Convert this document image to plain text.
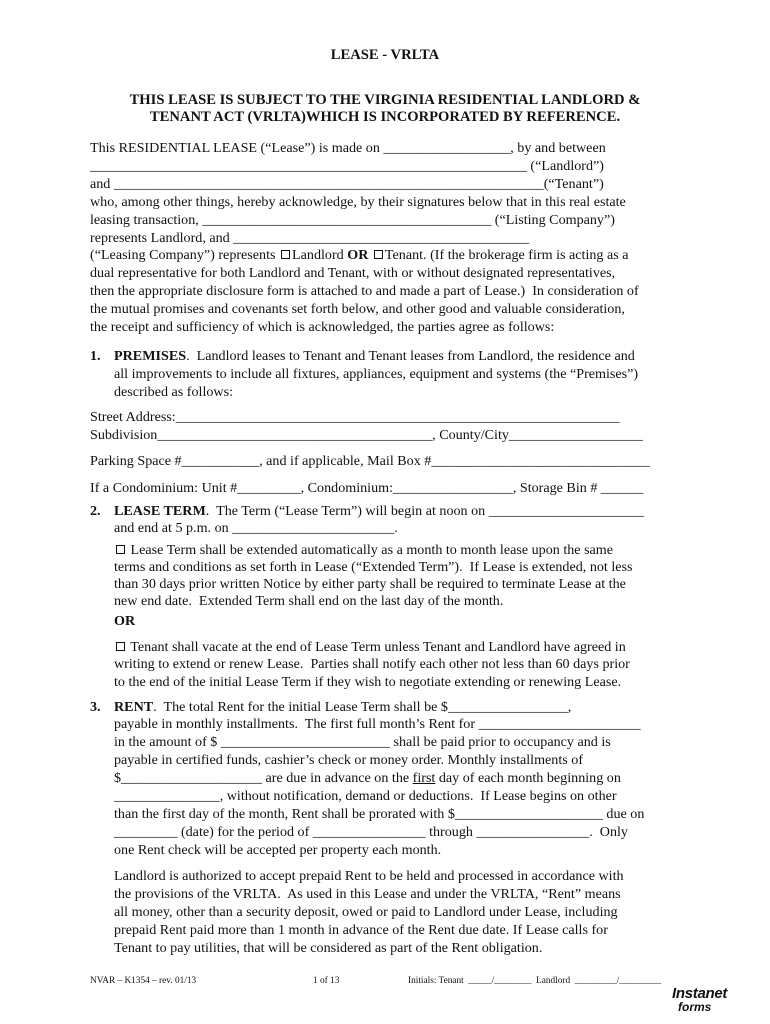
LEASE - VRLTA
THIS LEASE IS SUBJECT TO THE VIRGINIA RESIDENTIAL LANDLORD &
TENANT ACT (VRLTA)WHICH IS INCORPORATED BY REFERENCE.
This RESIDENTIAL LEASE (“Lease”) is made on __________________, by and between
______________________________________________________________ (“Landlord”)
and _____________________________________________________________(“Tenant”)
who, among other things, hereby acknowledge, by their signatures below that in this real estate
leasing transaction, _________________________________________ (“Listing Company”)
represents Landlord, and __________________________________________
(“Leasing Company”) represents Landlord OR Tenant. (If the brokerage firm is acting as a
dual representative for both Landlord and Tenant, with or without designated representatives,
then the appropriate disclosure form is attached to and made a part of Lease.)  In consideration of
the mutual promises and covenants set forth below, and other good and valuable consideration,
the receipt and sufficiency of which is acknowledged, the parties agree as follows:
1. PREMISES.  Landlord leases to Tenant and Tenant leases from Landlord, the residence and
all improvements to include all fixtures, appliances, equipment and systems (the “Premises”)
described as follows:
Street Address:_______________________________________________________________
Subdivision_______________________________________, County/City___________________
Parking Space #___________, and if applicable, Mail Box #_______________________________
If a Condominium: Unit #_________, Condominium:_________________, Storage Bin # ______
2. LEASE TERM.  The Term (“Lease Term”) will begin at noon on ______________________
and end at 5 p.m. on _______________________.
Lease Term shall be extended automatically as a month to month lease upon the same
terms and conditions as set forth in Lease (“Extended Term”).  If Lease is extended, not less
than 30 days prior written Notice by either party shall be required to terminate Lease at the
new end date.  Extended Term shall end on the last day of the month.
OR
Tenant shall vacate at the end of Lease Term unless Tenant and Landlord have agreed in
writing to extend or renew Lease.  Parties shall notify each other not less than 60 days prior
to the end of the initial Lease Term if they wish to negotiate extending or renewing Lease.
3. RENT.  The total Rent for the initial Lease Term shall be $_________________,
payable in monthly installments.  The first full month’s Rent for _______________________
in the amount of $ ________________________ shall be paid prior to occupancy and is
payable in certified funds, cashier’s check or money order. Monthly installments of
$____________________ are due in advance on the first day of each month beginning on
_______________, without notification, demand or deductions.  If Lease begins on other
than the first day of the month, Rent shall be prorated with $_____________________ due on
_________ (date) for the period of ________________ through ________________.  Only
one Rent check will be accepted per property each month.
Landlord is authorized to accept prepaid Rent to be held and processed in accordance with
the provisions of the VRLTA.  As used in this Lease and under the VRLTA, “Rent” means
all money, other than a security deposit, owed or paid to Landlord under Lease, including
prepaid Rent paid more than 1 month in advance of the Rent due date. If Lease calls for
Tenant to pay utilities, that will be considered as part of the Rent obligation.
NVAR – K1354 – rev. 01/13	1 of 13	Initials: Tenant  _____/________  Landlord  _________/_________
Instanet
forms
